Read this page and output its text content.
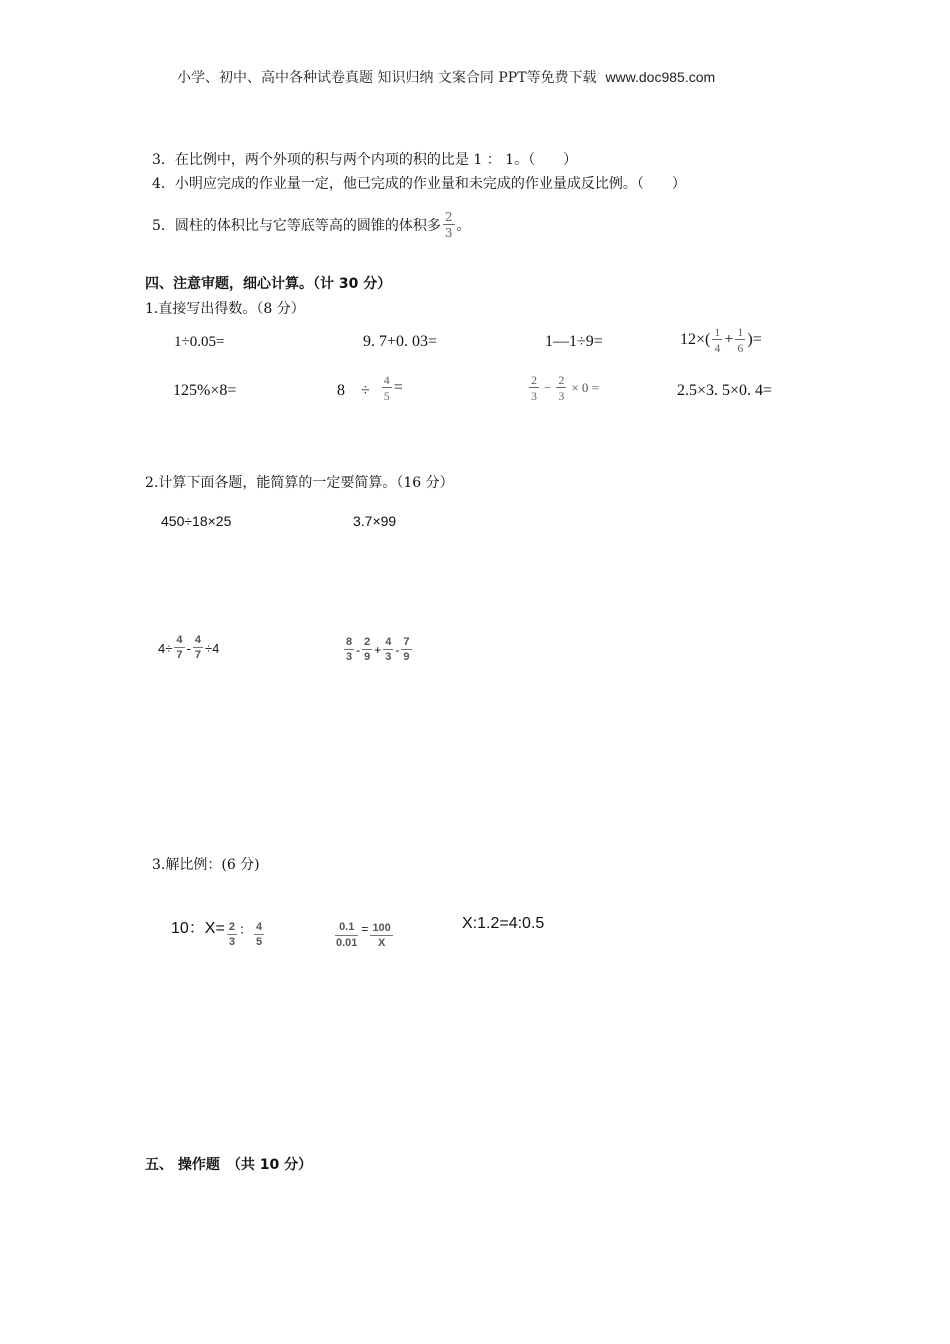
小学、初中、高中各种试卷真题 知识归纳 文案合同 PPT等免费下载 www.doc985.com
3．在比例中，两个外项的积与两个内项的积的比是 1 ： 1。（　　）
4．小明应完成的作业量一定，他已完成的作业量和未完成的作业量成反比例。（　　）
5．圆柱的体积比与它等底等高的圆锥的体积多 $\frac{2}{3}$ 。
四、注意审题，细心计算。（计 30 分）
1.直接写出得数。（8 分）
1÷0.05=	9. 7+0. 03=	1—1÷9=	$12\times( \frac{1}{4} + \frac{1}{6}$ )=
125%×8=	8　÷ $\frac{4}{5}$ =	$\frac{2}{3} - \frac{2}{3} \times 0$ =	2.5×3. 5×0. 4=
2.计算下面各题，能简算的一定要简算。（16 分）
450÷18×25	3.7×99
$4\div \frac{4}{7} - \frac{4}{7} \div 4$	$\frac{8}{3} - \frac{2}{9} + \frac{4}{3} - \frac{7}{9}$
3.解比例：(6 分)
10：$X= \frac{2}{3}$ ： $\frac{4}{5}$	$\frac{0.1}{0.01} = \frac{100}{X}$	X:1.2=4:0.5
五、 操作题　（共 10 分）
